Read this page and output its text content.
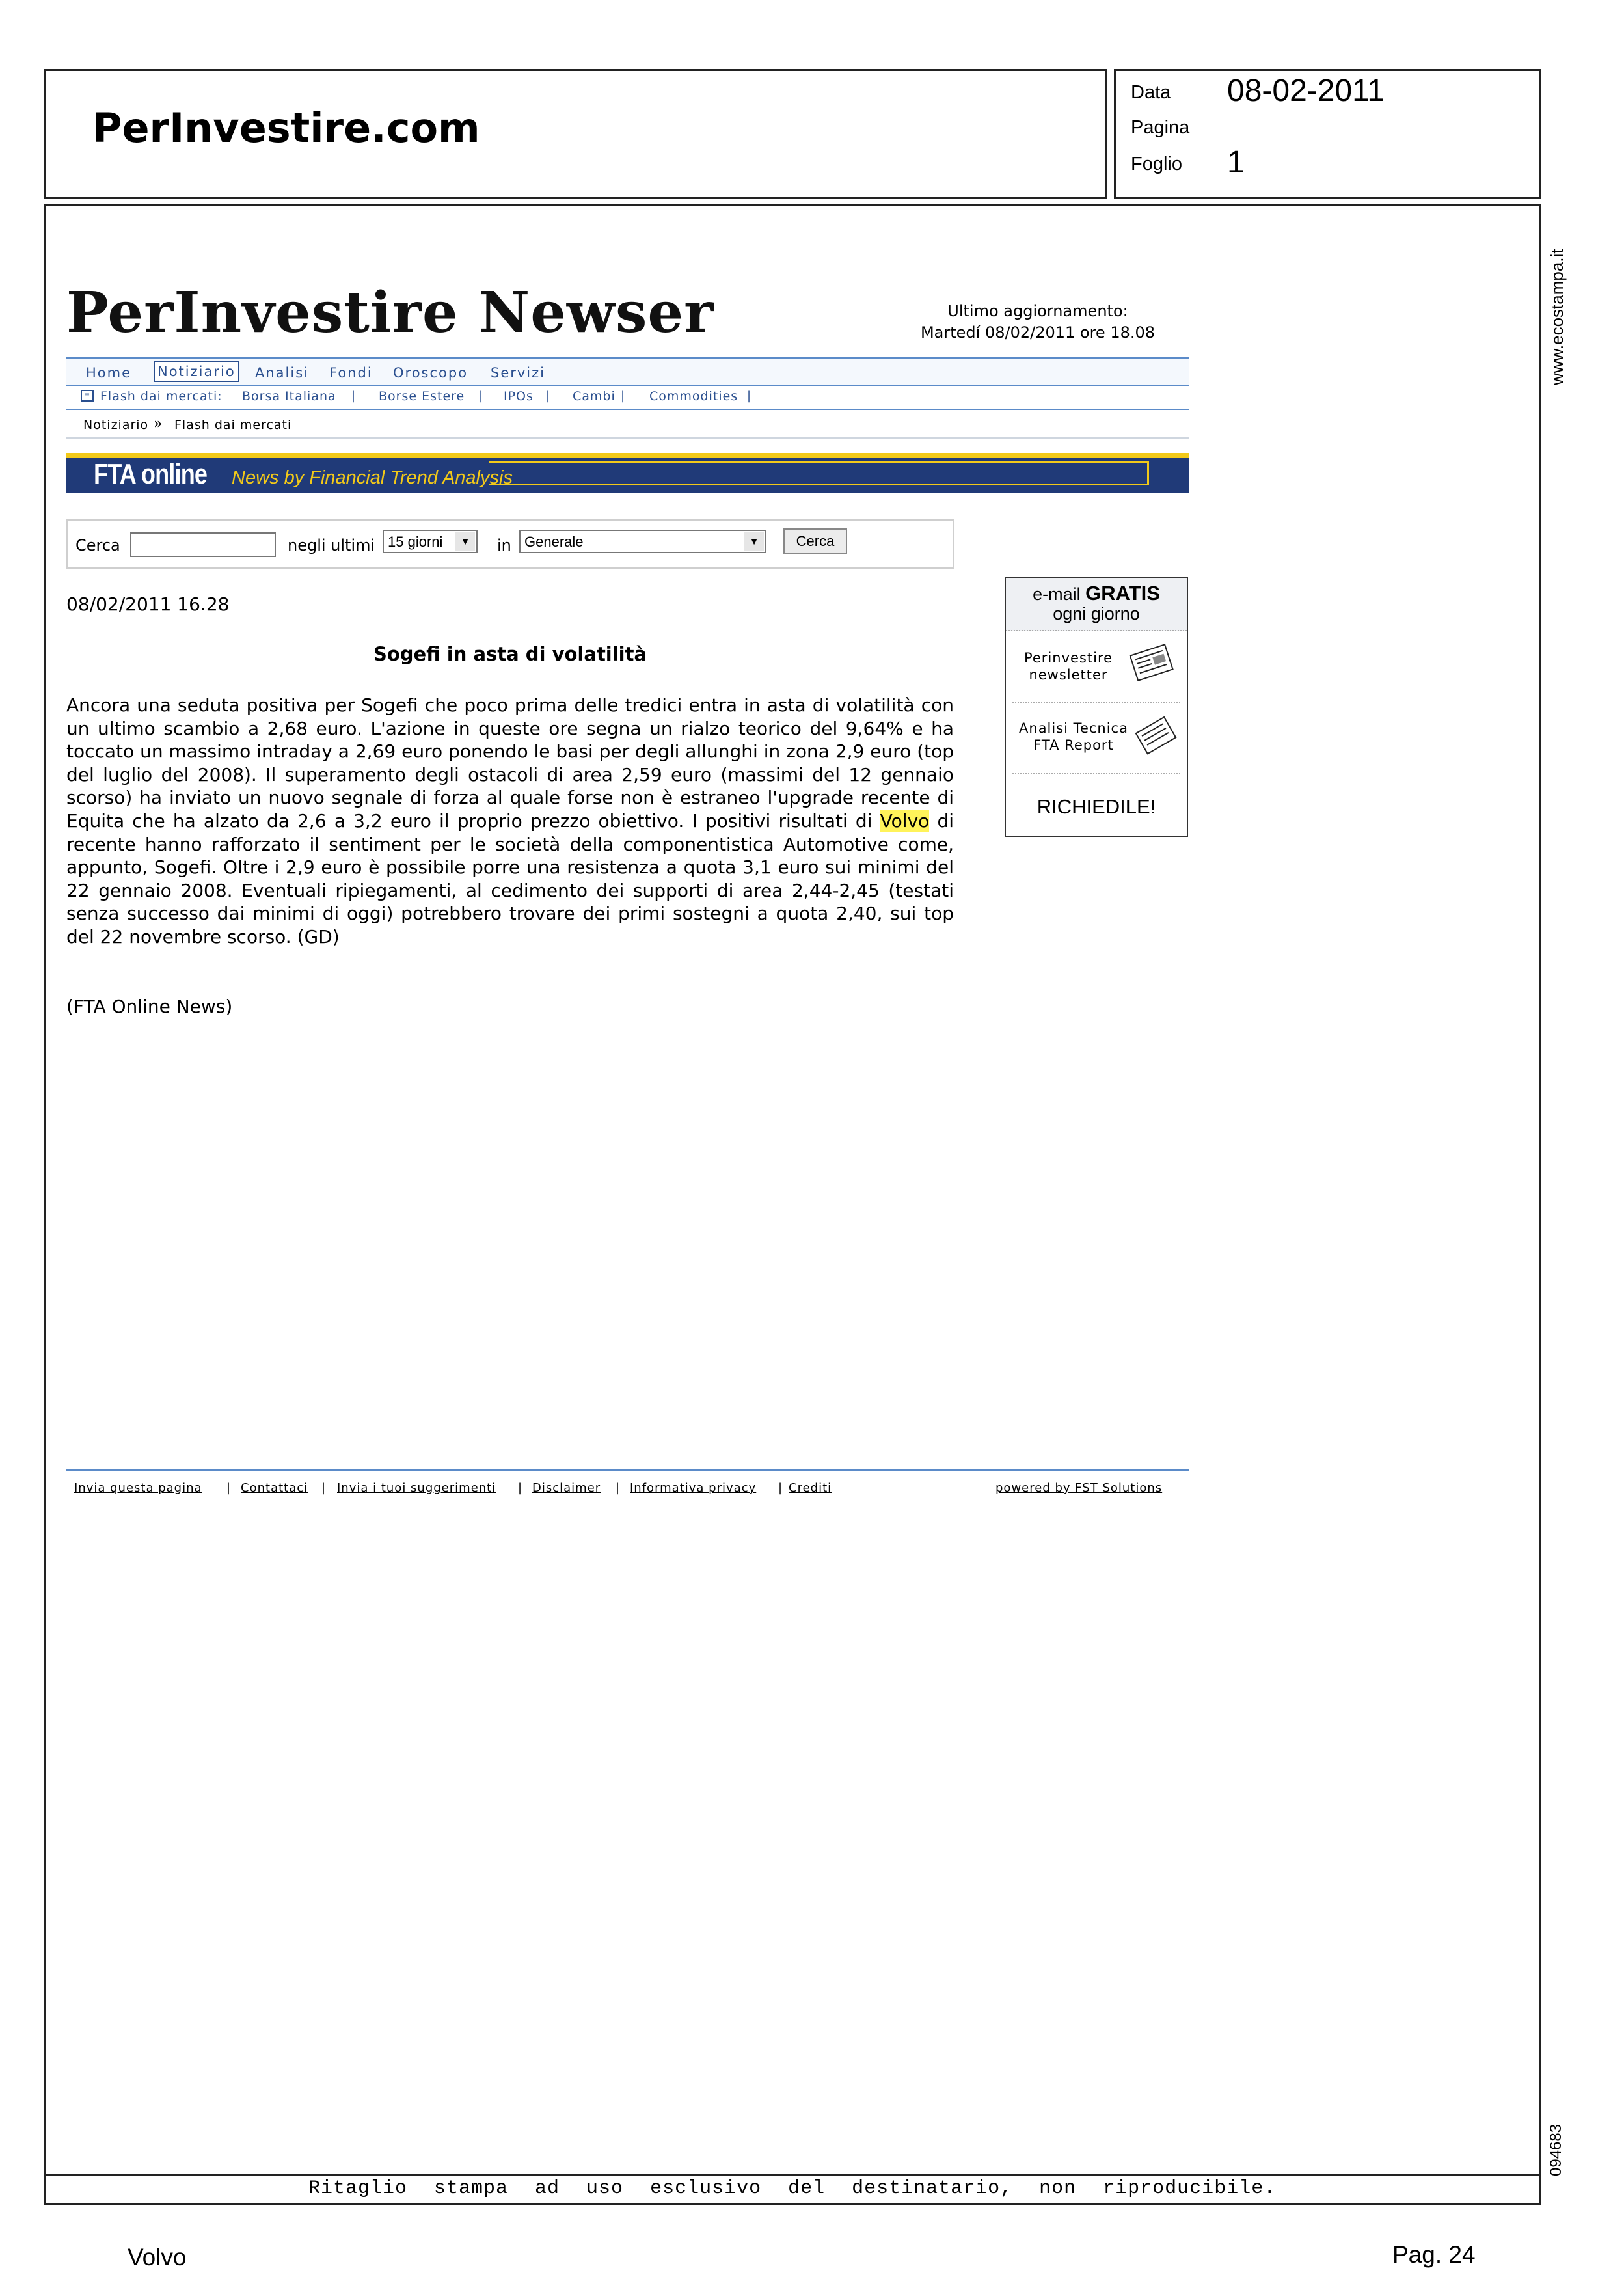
PerInvestire.com
Data 08-02-2011
Pagina
Foglio 1
Ritaglio stampa ad uso esclusivo del destinatario, non riproducibile.
www.ecostampa.it
094683
PerInvestire Newser	Ultimo aggiornamento:
Martedí 08/02/2011 ore 18.08
Home Notiziario Analisi Fondi Oroscopo Servizi
≡ Flash dai mercati: Borsa Italiana | Borse Estere | IPOs | Cambi | Commodities |
Notiziario » Flash dai mercati
FTA online News by Financial Trend Analysis
Cerca	negli ultimi 15 giorni	▼	in Generale	▼	Cerca
08/02/2011 16.28
Sogefi in asta di volatilità

Ancora una seduta positiva per Sogefi che poco prima delle tredici entra in asta di volatilità con un ultimo scambio a 2,68 euro. L'azione in queste ore segna un rialzo teorico del 9,64% e ha toccato un massimo intraday a 2,69 euro ponendo le basi per degli allunghi in zona 2,9 euro (top del luglio del 2008). Il superamento degli ostacoli di area 2,59 euro (massimi del 12 gennaio scorso) ha inviato un nuovo segnale di forza al quale forse non è estraneo l'upgrade recente di Equita che ha alzato da 2,6 a 3,2 euro il proprio prezzo obiettivo. I positivi risultati di Volvo di recente hanno rafforzato il sentiment per le società della componentistica Automotive come, appunto, Sogefi. Oltre i 2,9 euro è possibile porre una resistenza a quota 3,1 euro sui minimi del 22 gennaio 2008. Eventuali ripiegamenti, al cedimento dei supporti di area 2,44-2,45 (testati senza successo dai minimi di oggi) potrebbero trovare dei primi sostegni a quota 2,40, sui top del 22 novembre scorso. (GD)

(FTA Online News)
e-mail GRATIS
ogni giorno
Perinvestire
newsletter
Analisi Tecnica
FTA Report
RICHIEDILE!
Invia questa pagina | Contattaci | Invia i tuoi suggerimenti | Disclaimer | Informativa privacy | Crediti	powered by FST Solutions
Volvo	Pag. 24
